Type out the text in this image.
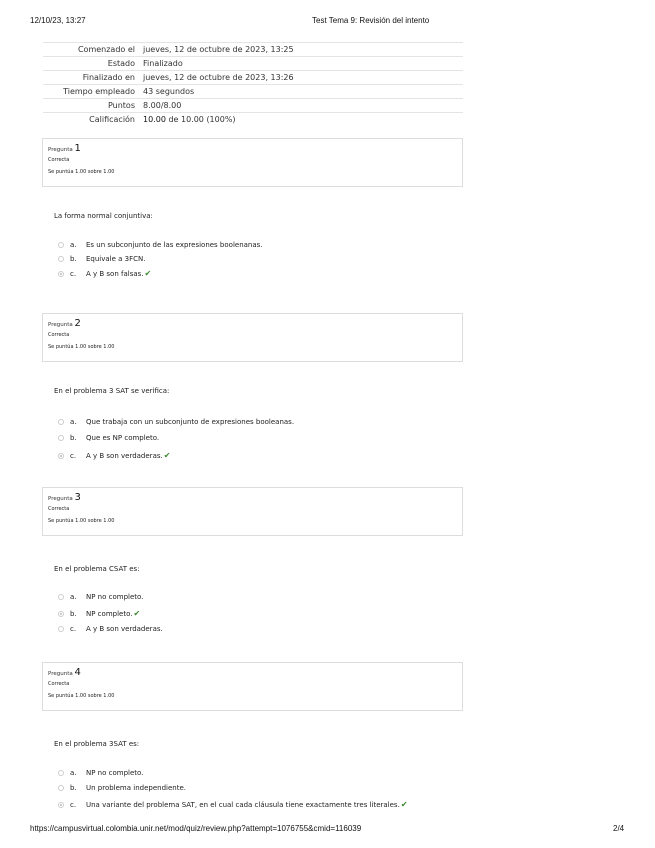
12/10/23, 13:27	Test Tema 9: Revisión del intento
Comenzado el	jueves, 12 de octubre de 2023, 13:25
Estado	Finalizado
Finalizado en	jueves, 12 de octubre de 2023, 13:26
Tiempo empleado	43 segundos
Puntos	8.00/8.00
Calificación	10.00 de 10.00 (100%)
Pregunta 1
Correcta
Se puntúa 1.00 sobre 1.00
La forma normal conjuntiva:
a.	Es un subconjunto de las expresiones boolenanas.
b.	Equivale a 3FCN.
c.	A y B son falsas. ✔
Pregunta 2
Correcta
Se puntúa 1.00 sobre 1.00
En el problema 3 SAT se verifica:
a.	Que trabaja con un subconjunto de expresiones booleanas.
b.	Que es NP completo.
c.	A y B son verdaderas. ✔
Pregunta 3
Correcta
Se puntúa 1.00 sobre 1.00
En el problema CSAT es:
a.	NP no completo.
b.	NP completo. ✔
c.	A y B son verdaderas.
Pregunta 4
Correcta
Se puntúa 1.00 sobre 1.00
En el problema 3SAT es:
a.	NP no completo.
b.	Un problema independiente.
c.	Una variante del problema SAT, en el cual cada cláusula tiene exactamente tres literales. ✔
https://campusvirtual.colombia.unir.net/mod/quiz/review.php?attempt=1076755&cmid=116039	2/4
